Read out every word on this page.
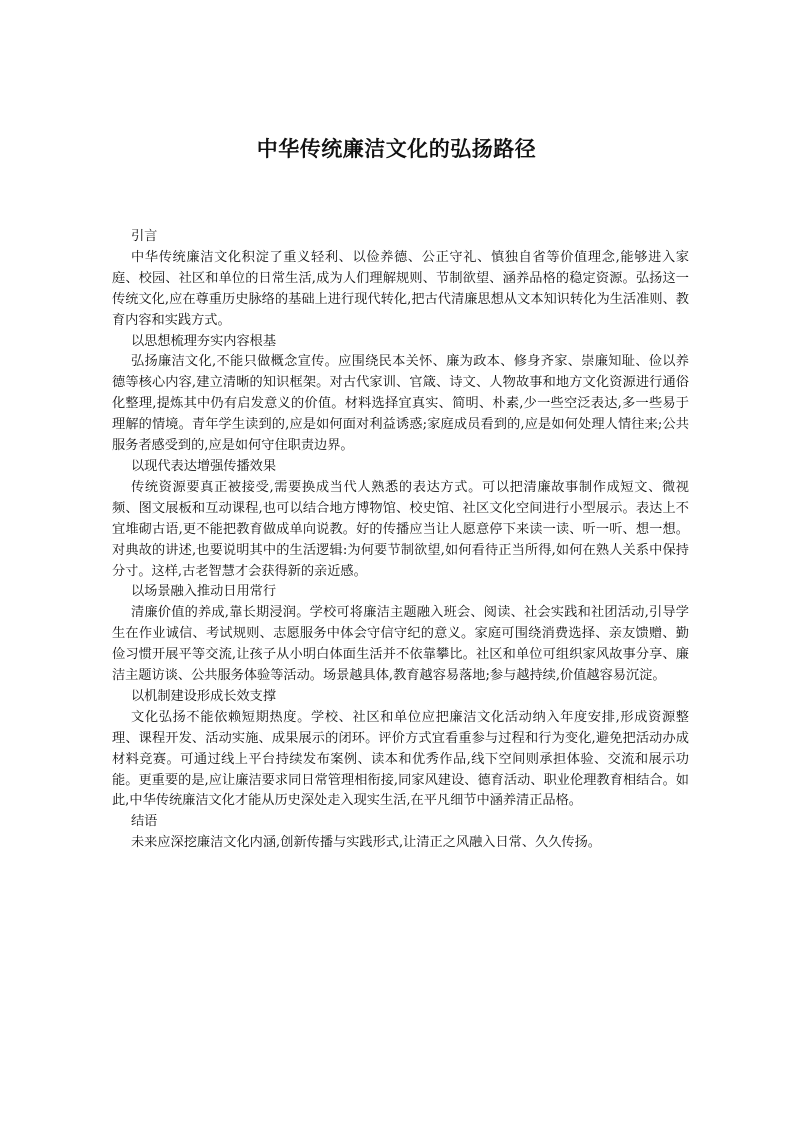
中华传统廉洁文化的弘扬路径

引言

中华传统廉洁文化积淀了重义轻利、以俭养德、公正守礼、慎独自省等价值理念,能够进入家庭、校园、社区和单位的日常生活,成为人们理解规则、节制欲望、涵养品格的稳定资源。弘扬这一传统文化,应在尊重历史脉络的基础上进行现代转化,把古代清廉思想从文本知识转化为生活准则、教育内容和实践方式。

以思想梳理夯实内容根基

弘扬廉洁文化,不能只做概念宣传。应围绕民本关怀、廉为政本、修身齐家、崇廉知耻、俭以养德等核心内容,建立清晰的知识框架。对古代家训、官箴、诗文、人物故事和地方文化资源进行通俗化整理,提炼其中仍有启发意义的价值。材料选择宜真实、简明、朴素,少一些空泛表达,多一些易于理解的情境。青年学生读到的,应是如何面对利益诱惑;家庭成员看到的,应是如何处理人情往来;公共服务者感受到的,应是如何守住职责边界。

以现代表达增强传播效果

传统资源要真正被接受,需要换成当代人熟悉的表达方式。可以把清廉故事制作成短文、微视频、图文展板和互动课程,也可以结合地方博物馆、校史馆、社区文化空间进行小型展示。表达上不宜堆砌古语,更不能把教育做成单向说教。好的传播应当让人愿意停下来读一读、听一听、想一想。对典故的讲述,也要说明其中的生活逻辑:为何要节制欲望,如何看待正当所得,如何在熟人关系中保持分寸。这样,古老智慧才会获得新的亲近感。

以场景融入推动日用常行

清廉价值的养成,靠长期浸润。学校可将廉洁主题融入班会、阅读、社会实践和社团活动,引导学生在作业诚信、考试规则、志愿服务中体会守信守纪的意义。家庭可围绕消费选择、亲友馈赠、勤俭习惯开展平等交流,让孩子从小明白体面生活并不依靠攀比。社区和单位可组织家风故事分享、廉洁主题访谈、公共服务体验等活动。场景越具体,教育越容易落地;参与越持续,价值越容易沉淀。

以机制建设形成长效支撑

文化弘扬不能依赖短期热度。学校、社区和单位应把廉洁文化活动纳入年度安排,形成资源整理、课程开发、活动实施、成果展示的闭环。评价方式宜看重参与过程和行为变化,避免把活动办成材料竞赛。可通过线上平台持续发布案例、读本和优秀作品,线下空间则承担体验、交流和展示功能。更重要的是,应让廉洁要求同日常管理相衔接,同家风建设、德育活动、职业伦理教育相结合。如此,中华传统廉洁文化才能从历史深处走入现实生活,在平凡细节中涵养清正品格。

结语

未来应深挖廉洁文化内涵,创新传播与实践形式,让清正之风融入日常、久久传扬。
